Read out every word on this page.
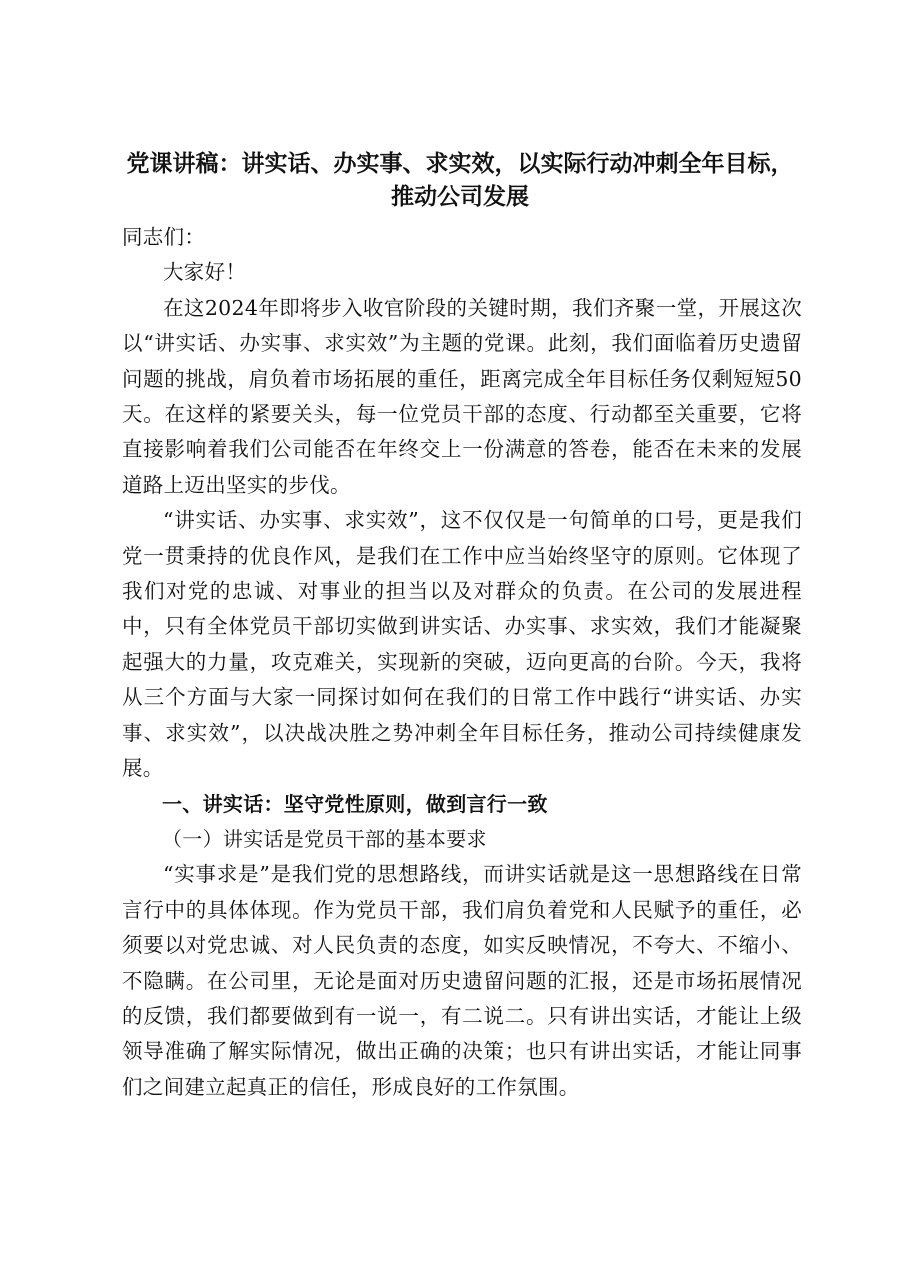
党课讲稿：讲实话、办实事、求实效，以实际行动冲刺全年目标，推动公司发展

同志们：

大家好！

在这2024年即将步入收官阶段的关键时期，我们齐聚一堂，开展这次以“讲实话、办实事、求实效”为主题的党课。此刻，我们面临着历史遗留问题的挑战，肩负着市场拓展的重任，距离完成全年目标任务仅剩短短50天。在这样的紧要关头，每一位党员干部的态度、行动都至关重要，它将直接影响着我们公司能否在年终交上一份满意的答卷，能否在未来的发展道路上迈出坚实的步伐。

“讲实话、办实事、求实效”，这不仅仅是一句简单的口号，更是我们党一贯秉持的优良作风，是我们在工作中应当始终坚守的原则。它体现了我们对党的忠诚、对事业的担当以及对群众的负责。在公司的发展进程中，只有全体党员干部切实做到讲实话、办实事、求实效，我们才能凝聚起强大的力量，攻克难关，实现新的突破，迈向更高的台阶。今天，我将从三个方面与大家一同探讨如何在我们的日常工作中践行“讲实话、办实事、求实效”，以决战决胜之势冲刺全年目标任务，推动公司持续健康发展。

一、讲实话：坚守党性原则，做到言行一致

（一）讲实话是党员干部的基本要求

“实事求是”是我们党的思想路线，而讲实话就是这一思想路线在日常言行中的具体体现。作为党员干部，我们肩负着党和人民赋予的重任，必须要以对党忠诚、对人民负责的态度，如实反映情况，不夸大、不缩小、不隐瞒。在公司里，无论是面对历史遗留问题的汇报，还是市场拓展情况的反馈，我们都要做到有一说一，有二说二。只有讲出实话，才能让上级领导准确了解实际情况，做出正确的决策；也只有讲出实话，才能让同事们之间建立起真正的信任，形成良好的工作氛围。
